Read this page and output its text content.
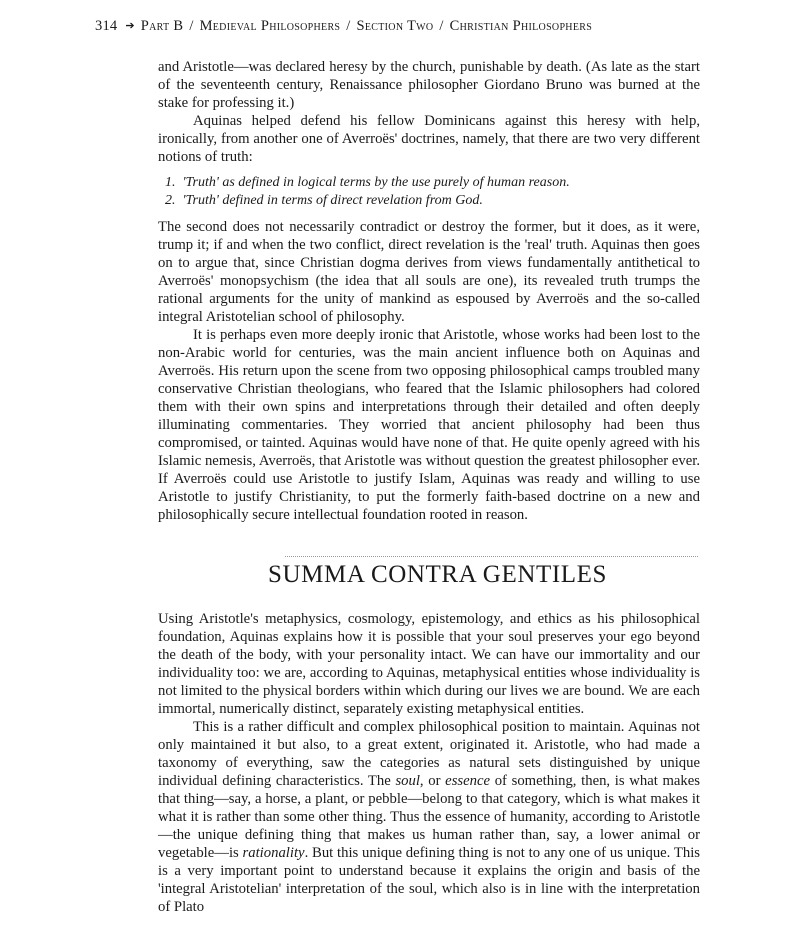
314 ➔ Part B / Medieval Philosophers / Section Two / Christian Philosophers

and Aristotle—was declared heresy by the church, punishable by death. (As late as the start of the seventeenth century, Renaissance philosopher Giordano Bruno was burned at the stake for professing it.)

Aquinas helped defend his fellow Dominicans against this heresy with help, ironically, from another one of Averroës' doctrines, namely, that there are two very different notions of truth:

1. 'Truth' as defined in logical terms by the use purely of human reason.
2. 'Truth' defined in terms of direct revelation from God.

The second does not necessarily contradict or destroy the former, but it does, as it were, trump it; if and when the two conflict, direct revelation is the 'real' truth. Aquinas then goes on to argue that, since Christian dogma derives from views fundamentally antithetical to Averroës' monopsychism (the idea that all souls are one), its revealed truth trumps the rational arguments for the unity of mankind as espoused by Averroës and the so-called integral Aristotelian school of philosophy.

It is perhaps even more deeply ironic that Aristotle, whose works had been lost to the non-Arabic world for centuries, was the main ancient influence both on Aquinas and Averroës. His return upon the scene from two opposing philosophical camps troubled many conservative Christian theologians, who feared that the Islamic philosophers had colored them with their own spins and interpretations through their detailed and often deeply illuminating commentaries. They worried that ancient philosophy had been thus compromised, or tainted. Aquinas would have none of that. He quite openly agreed with his Islamic nemesis, Averroës, that Aristotle was without question the greatest philosopher ever. If Averroës could use Aristotle to justify Islam, Aquinas was ready and willing to use Aristotle to justify Christianity, to put the formerly faith-based doctrine on a new and philosophically secure intellectual foundation rooted in reason.

SUMMA CONTRA GENTILES

Using Aristotle's metaphysics, cosmology, epistemology, and ethics as his philosophical foundation, Aquinas explains how it is possible that your soul preserves your ego beyond the death of the body, with your personality intact. We can have our immortality and our individuality too: we are, according to Aquinas, metaphysical entities whose individuality is not limited to the physical borders within which during our lives we are bound. We are each immortal, numerically distinct, separately existing metaphysical entities.

This is a rather difficult and complex philosophical position to maintain. Aquinas not only maintained it but also, to a great extent, originated it. Aristotle, who had made a taxonomy of everything, saw the categories as natural sets distinguished by unique individual defining characteristics. The soul, or essence of something, then, is what makes that thing—say, a horse, a plant, or pebble—belong to that category, which is what makes it what it is rather than some other thing. Thus the essence of humanity, according to Aristotle—the unique defining thing that makes us human rather than, say, a lower animal or vegetable—is rationality. But this unique defining thing is not to any one of us unique. This is a very important point to understand because it explains the origin and basis of the 'integral Aristotelian' interpretation of the soul, which also is in line with the interpretation of Plato
